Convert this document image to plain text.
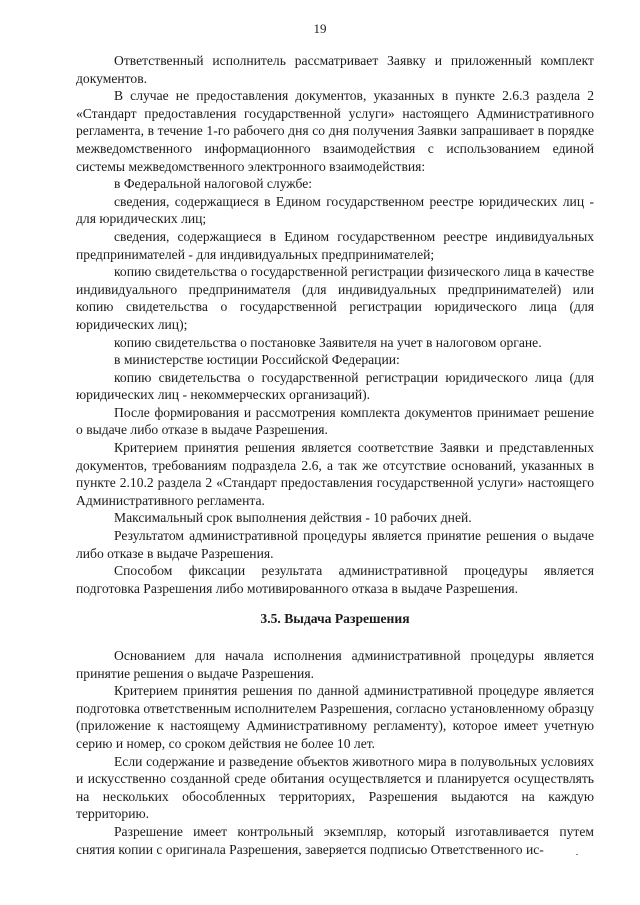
19
Ответственный исполнитель рассматривает Заявку и приложенный комплект документов.
В случае не предоставления документов, указанных в пункте 2.6.3 раздела 2 «Стандарт предоставления государственной услуги» настоящего Административного регламента, в течение 1-го рабочего дня со дня получения Заявки запрашивает в порядке межведомственного информационного взаимодействия с использованием единой системы межведомственного электронного взаимодействия:
в Федеральной налоговой службе:
сведения, содержащиеся в Едином государственном реестре юридических лиц - для юридических лиц;
сведения, содержащиеся в Едином государственном реестре индивидуальных предпринимателей - для индивидуальных предпринимателей;
копию свидетельства о государственной регистрации физического лица в качестве индивидуального предпринимателя (для индивидуальных предпринимателей) или копию свидетельства о государственной регистрации юридического лица (для юридических лиц);
копию свидетельства о постановке Заявителя на учет в налоговом органе.
в министерстве юстиции Российской Федерации:
копию свидетельства о государственной регистрации юридического лица (для юридических лиц - некоммерческих организаций).
После формирования и рассмотрения комплекта документов принимает решение о выдаче либо отказе в выдаче Разрешения.
Критерием принятия решения является соответствие Заявки и представленных документов, требованиям подраздела 2.6, а так же отсутствие оснований, указанных в пункте 2.10.2 раздела 2 «Стандарт предоставления государственной услуги» настоящего Административного регламента.
Максимальный срок выполнения действия - 10 рабочих дней.
Результатом административной процедуры является принятие решения о выдаче либо отказе в выдаче Разрешения.
Способом фиксации результата административной процедуры является подготовка Разрешения либо мотивированного отказа в выдаче Разрешения.
3.5. Выдача Разрешения
Основанием для начала исполнения административной процедуры является принятие решения о выдаче Разрешения.
Критерием принятия решения по данной административной процедуре является подготовка ответственным исполнителем Разрешения, согласно установленному образцу (приложение к настоящему Административному регламенту), которое имеет учетную серию и номер, со сроком действия не более 10 лет.
Если содержание и разведение объектов животного мира в полувольных условиях и искусственно созданной среде обитания осуществляется и планируется осуществлять на нескольких обособленных территориях, Разрешения выдаются на каждую территорию.
Разрешение имеет контрольный экземпляр, который изготавливается путем снятия копии с оригинала Разрешения, заверяется подписью Ответственного ис-
